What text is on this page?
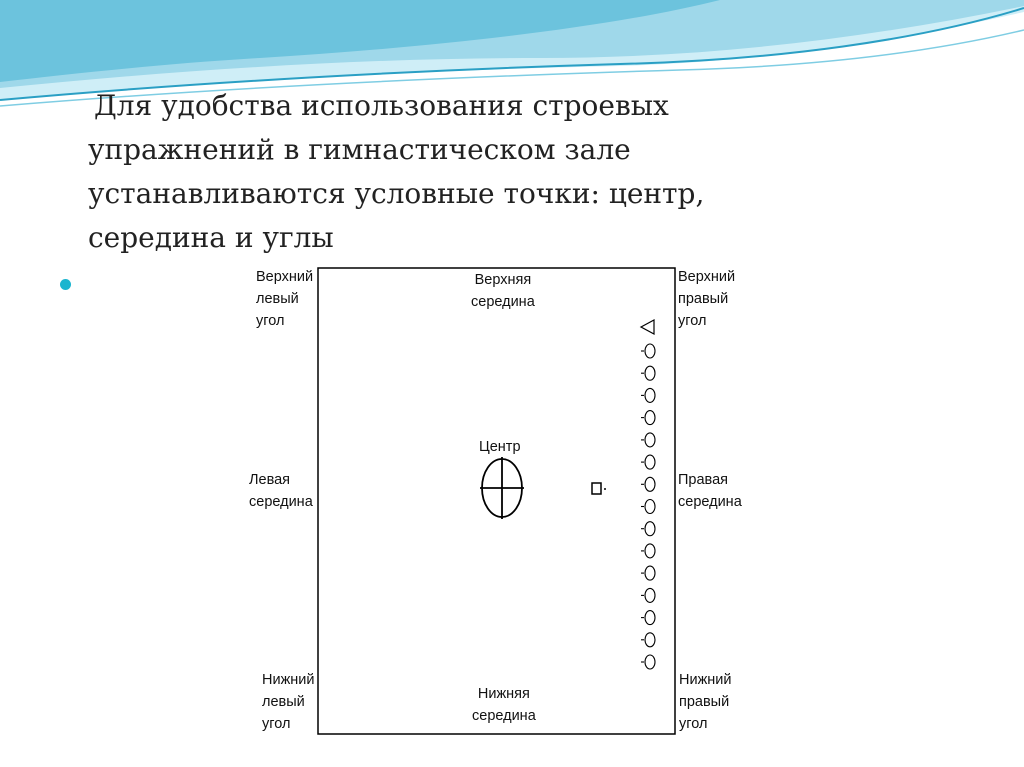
Для удобства использования строевых
упражнений в гимнастическом зале
устанавливаются условные точки: центр,
середина и углы
Верхний
левый
угол
Верхняя
середина
Верхний
правый
угол
Центр
Левая
середина
Правая
середина
Нижний
левый
угол
Нижняя
середина
Нижний
правый
угол
